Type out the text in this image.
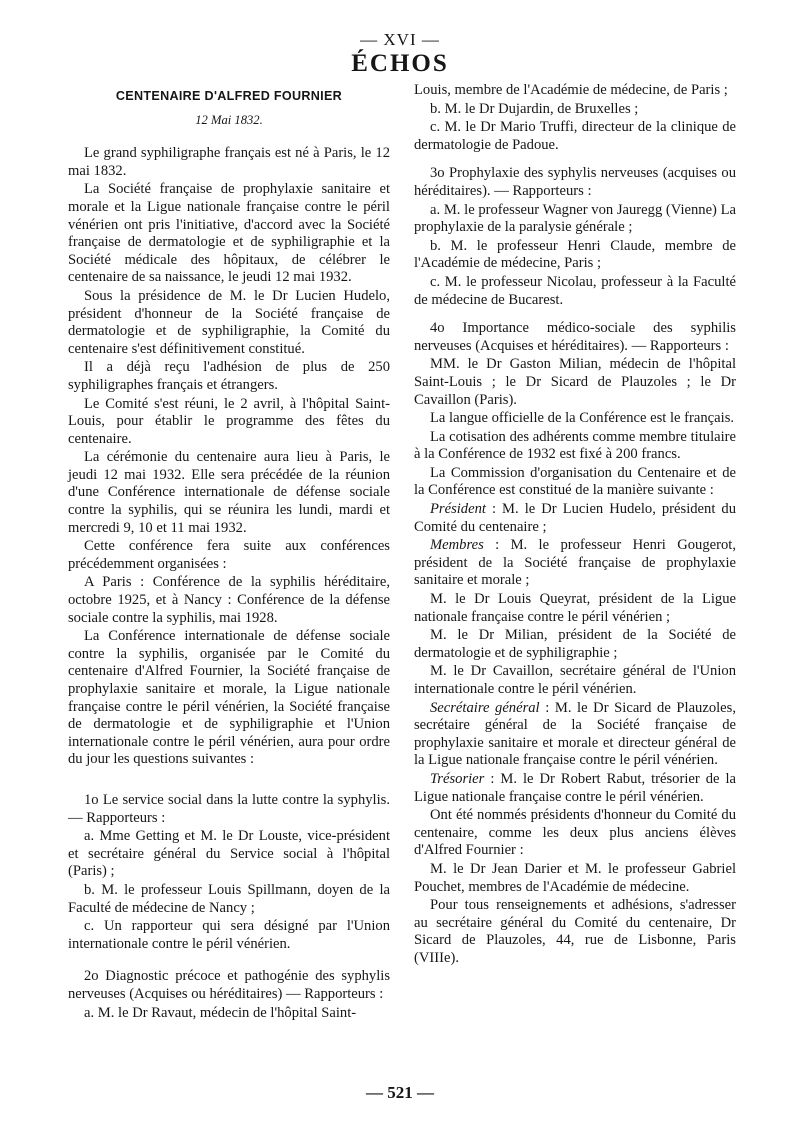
— XVI —
ÉCHOS
CENTENAIRE D'ALFRED FOURNIER
12 Mai 1832.

Le grand syphiligraphe français est né à Paris, le 12 mai 1832.

La Société française de prophylaxie sanitaire et morale et la Ligue nationale française contre le péril vénérien ont pris l'initiative, d'accord avec la Société française de dermatologie et de syphiligraphie et la Société médicale des hôpitaux, de célébrer le centenaire de sa naissance, le jeudi 12 mai 1932.

Sous la présidence de M. le Dr Lucien Hudelo, président d'honneur de la Société française de dermatologie et de syphiligraphie, la Comité du centenaire s'est définitivement constitué.

Il a déjà reçu l'adhésion de plus de 250 syphiligraphes français et étrangers.

Le Comité s'est réuni, le 2 avril, à l'hôpital Saint-Louis, pour établir le programme des fêtes du centenaire.

La cérémonie du centenaire aura lieu à Paris, le jeudi 12 mai 1932. Elle sera précédée de la réunion d'une Conférence internationale de défense sociale contre la syphilis, qui se réunira les lundi, mardi et mercredi 9, 10 et 11 mai 1932.

Cette conférence fera suite aux conférences précédemment organisées :

A Paris : Conférence de la syphilis héréditaire, octobre 1925, et à Nancy : Conférence de la défense sociale contre la syphilis, mai 1928.

La Conférence internationale de défense sociale contre la syphilis, organisée par le Comité du centenaire d'Alfred Fournier, la Société française de prophylaxie sanitaire et morale, la Ligue nationale française contre le péril vénérien, la Société française de dermatologie et de syphiligraphie et l'Union internationale contre le péril vénérien, aura pour ordre du jour les questions suivantes :

1o Le service social dans la lutte contre la syphylis. — Rapporteurs :

a. Mme Getting et M. le Dr Louste, vice-président et secrétaire général du Service social à l'hôpital (Paris) ;

b. M. le professeur Louis Spillmann, doyen de la Faculté de médecine de Nancy ;

c. Un rapporteur qui sera désigné par l'Union internationale contre le péril vénérien.

2o Diagnostic précoce et pathogénie des syphylis nerveuses (Acquises ou héréditaires) — Rapporteurs :

a. M. le Dr Ravaut, médecin de l'hôpital Saint-

Louis, membre de l'Académie de médecine, de Paris ;

b. M. le Dr Dujardin, de Bruxelles ;

c. M. le Dr Mario Truffi, directeur de la clinique de dermatologie de Padoue.

3o Prophylaxie des syphylis nerveuses (acquises ou héréditaires). — Rapporteurs :

a. M. le professeur Wagner von Jauregg (Vienne) La prophylaxie de la paralysie générale ;

b. M. le professeur Henri Claude, membre de l'Académie de médecine, Paris ;

c. M. le professeur Nicolau, professeur à la Faculté de médecine de Bucarest.

4o Importance médico-sociale des syphilis nerveuses (Acquises et héréditaires). — Rapporteurs :

MM. le Dr Gaston Milian, médecin de l'hôpital Saint-Louis ; le Dr Sicard de Plauzoles ; le Dr Cavaillon (Paris).

La langue officielle de la Conférence est le français.

La cotisation des adhérents comme membre titulaire à la Conférence de 1932 est fixé à 200 francs.

La Commission d'organisation du Centenaire et de la Conférence est constitué de la manière suivante :

Président : M. le Dr Lucien Hudelo, président du Comité du centenaire ;

Membres : M. le professeur Henri Gougerot, président de la Société française de prophylaxie sanitaire et morale ;

M. le Dr Louis Queyrat, président de la Ligue nationale française contre le péril vénérien ;

M. le Dr Milian, président de la Société de dermatologie et de syphiligraphie ;

M. le Dr Cavaillon, secrétaire général de l'Union internationale contre le péril vénérien.

Secrétaire général : M. le Dr Sicard de Plauzoles, secrétaire général de la Société française de prophylaxie sanitaire et morale et directeur général de la Ligue nationale française contre le péril vénérien.

Trésorier : M. le Dr Robert Rabut, trésorier de la Ligue nationale française contre le péril vénérien.

Ont été nommés présidents d'honneur du Comité du centenaire, comme les deux plus anciens élèves d'Alfred Fournier :

M. le Dr Jean Darier et M. le professeur Gabriel Pouchet, membres de l'Académie de médecine.

Pour tous renseignements et adhésions, s'adresser au secrétaire général du Comité du centenaire, Dr Sicard de Plauzoles, 44, rue de Lisbonne, Paris (VIIIe).

— 521 —
